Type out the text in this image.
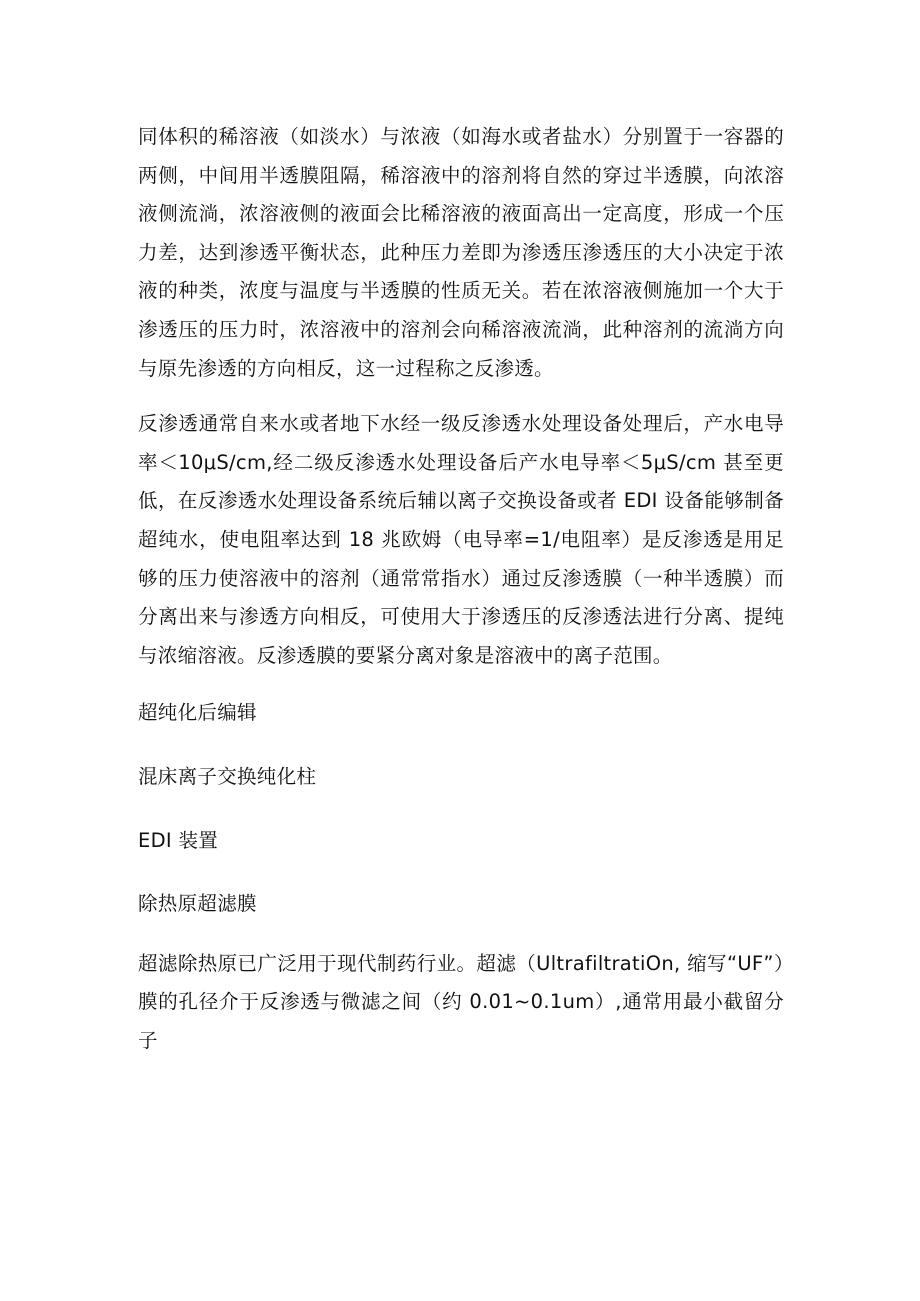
同体积的稀溶液（如淡水）与浓液（如海水或者盐水）分别置于一容器的两侧，中间用半透膜阻隔，稀溶液中的溶剂将自然的穿过半透膜，向浓溶液侧流淌，浓溶液侧的液面会比稀溶液的液面高出一定高度，形成一个压力差，达到渗透平衡状态，此种压力差即为渗透压渗透压的大小决定于浓液的种类，浓度与温度与半透膜的性质无关。若在浓溶液侧施加一个大于渗透压的压力时，浓溶液中的溶剂会向稀溶液流淌，此种溶剂的流淌方向与原先渗透的方向相反，这一过程称之反渗透。

反渗透通常自来水或者地下水经一级反渗透水处理设备处理后，产水电导率＜10μS∕cm,经二级反渗透水处理设备后产水电导率＜5μS/cm 甚至更低，在反渗透水处理设备系统后辅以离子交换设备或者 EDI 设备能够制备超纯水，使电阻率达到 18 兆欧姆（电导率=1/电阻率）是反渗透是用足够的压力使溶液中的溶剂（通常常指水）通过反渗透膜（一种半透膜）而分离出来与渗透方向相反，可使用大于渗透压的反渗透法进行分离、提纯与浓缩溶液。反渗透膜的要紧分离对象是溶液中的离子范围。

超纯化后编辑

混床离子交换纯化柱

EDI 装置

除热原超滤膜

超滤除热原已广泛用于现代制药行业。超滤（UltrafiltratiOn, 缩写“UF”）膜的孔径介于反渗透与微滤之间（约 0.01~0.1um）,通常用最小截留分子
